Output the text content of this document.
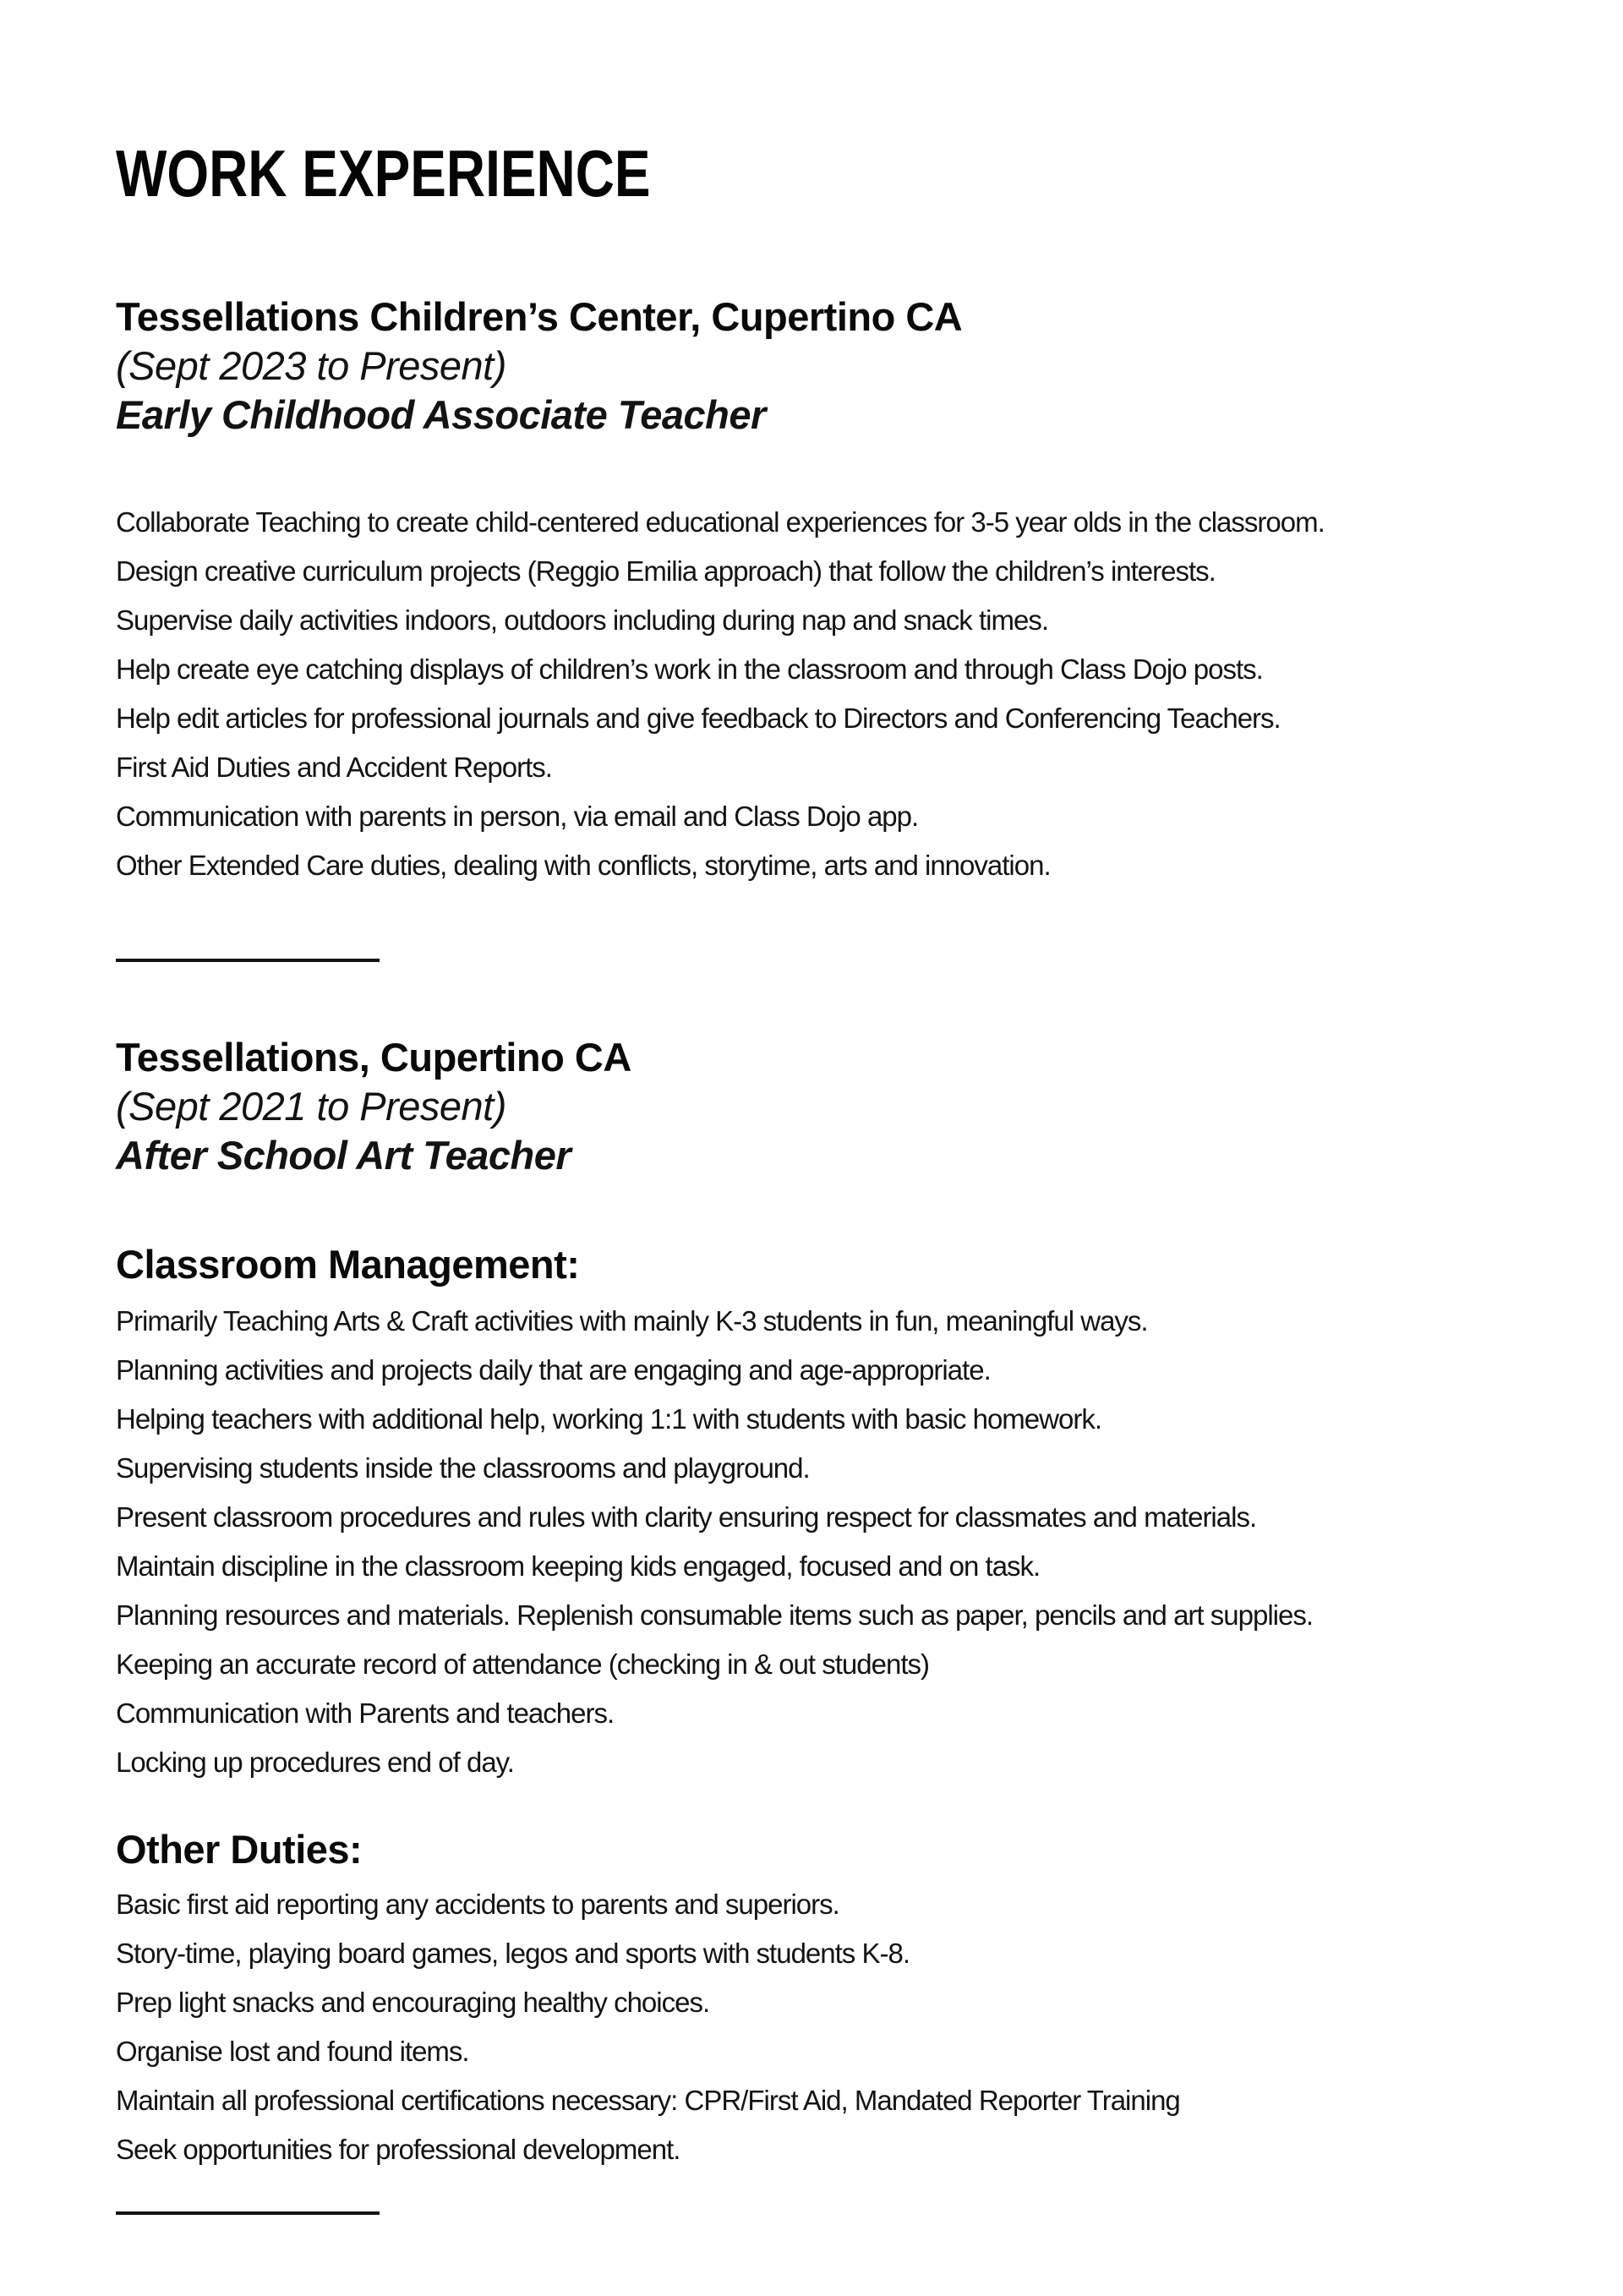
WORK EXPERIENCE
Tessellations Children’s Center, Cupertino CA
(Sept 2023 to Present)
Early Childhood Associate Teacher
Collaborate Teaching to create child-centered educational experiences for 3-5 year olds in the classroom.
Design creative curriculum projects (Reggio Emilia approach) that follow the children’s interests.
Supervise daily activities indoors, outdoors including during nap and snack times.
Help create eye catching displays of children’s work in the classroom and through Class Dojo posts.
Help edit articles for professional journals and give feedback to Directors and Conferencing Teachers.
First Aid Duties and Accident Reports.
Communication with parents in person, via email and Class Dojo app.
Other Extended Care duties, dealing with conflicts, storytime, arts and innovation.
Tessellations, Cupertino CA
(Sept 2021 to Present)
After School Art Teacher
Classroom Management:
Primarily Teaching Arts & Craft activities with mainly K-3 students in fun, meaningful ways.
Planning activities and projects daily that are engaging and age-appropriate.
Helping teachers with additional help, working 1:1 with students with basic homework.
Supervising students inside the classrooms and playground.
Present classroom procedures and rules with clarity ensuring respect for classmates and materials.
Maintain discipline in the classroom keeping kids engaged, focused and on task.
Planning resources and materials. Replenish consumable items such as paper, pencils and art supplies.
Keeping an accurate record of attendance (checking in & out students)
Communication with Parents and teachers.
Locking up procedures end of day.
Other Duties:
Basic first aid reporting any accidents to parents and superiors.
Story-time, playing board games, legos and sports with students K-8.
Prep light snacks and encouraging healthy choices.
Organise lost and found items.
Maintain all professional certifications necessary: CPR/First Aid, Mandated Reporter Training
Seek opportunities for professional development.
